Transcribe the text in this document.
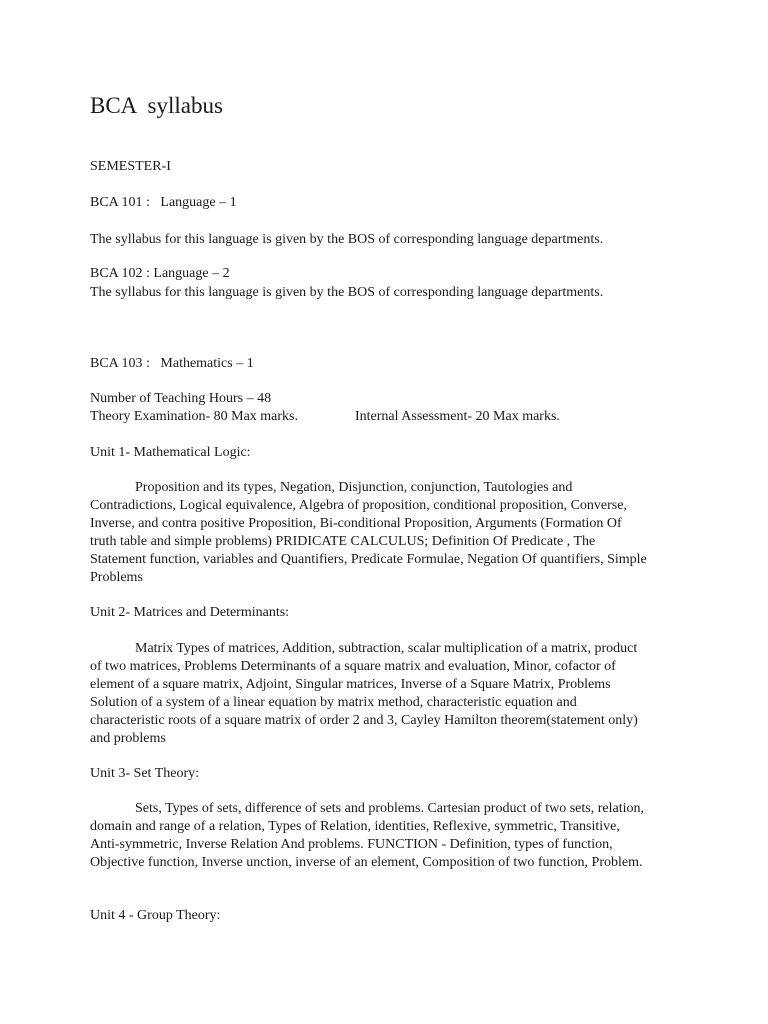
BCA  syllabus

SEMESTER-I

BCA 101 :   Language – 1

The syllabus for this language is given by the BOS of corresponding language departments.

BCA 102 : Language – 2

The syllabus for this language is given by the BOS of corresponding language departments.

BCA 103 :   Mathematics – 1

Number of Teaching Hours – 48

Theory Examination- 80 Max marks.	Internal Assessment- 20 Max marks.

Unit 1- Mathematical Logic:

Proposition and its types, Negation, Disjunction, conjunction, Tautologies and Contradictions, Logical equivalence, Algebra of proposition, conditional proposition, Converse, Inverse, and contra positive Proposition, Bi-conditional Proposition, Arguments (Formation Of truth table and simple problems) PRIDICATE CALCULUS; Definition Of Predicate , The Statement function, variables and Quantifiers, Predicate Formulae, Negation Of quantifiers, Simple Problems

Unit 2- Matrices and Determinants:

Matrix Types of matrices, Addition, subtraction, scalar multiplication of a matrix, product of two matrices, Problems Determinants of a square matrix and evaluation, Minor, cofactor of element of a square matrix, Adjoint, Singular matrices, Inverse of a Square Matrix, Problems Solution of a system of a linear equation by matrix method, characteristic equation and characteristic roots of a square matrix of order 2 and 3, Cayley Hamilton theorem(statement only) and problems

Unit 3- Set Theory:

Sets, Types of sets, difference of sets and problems. Cartesian product of two sets, relation, domain and range of a relation, Types of Relation, identities, Reflexive, symmetric, Transitive, Anti-symmetric, Inverse Relation And problems. FUNCTION - Definition, types of function, Objective function, Inverse unction, inverse of an element, Composition of two function, Problem.

Unit 4 - Group Theory:
